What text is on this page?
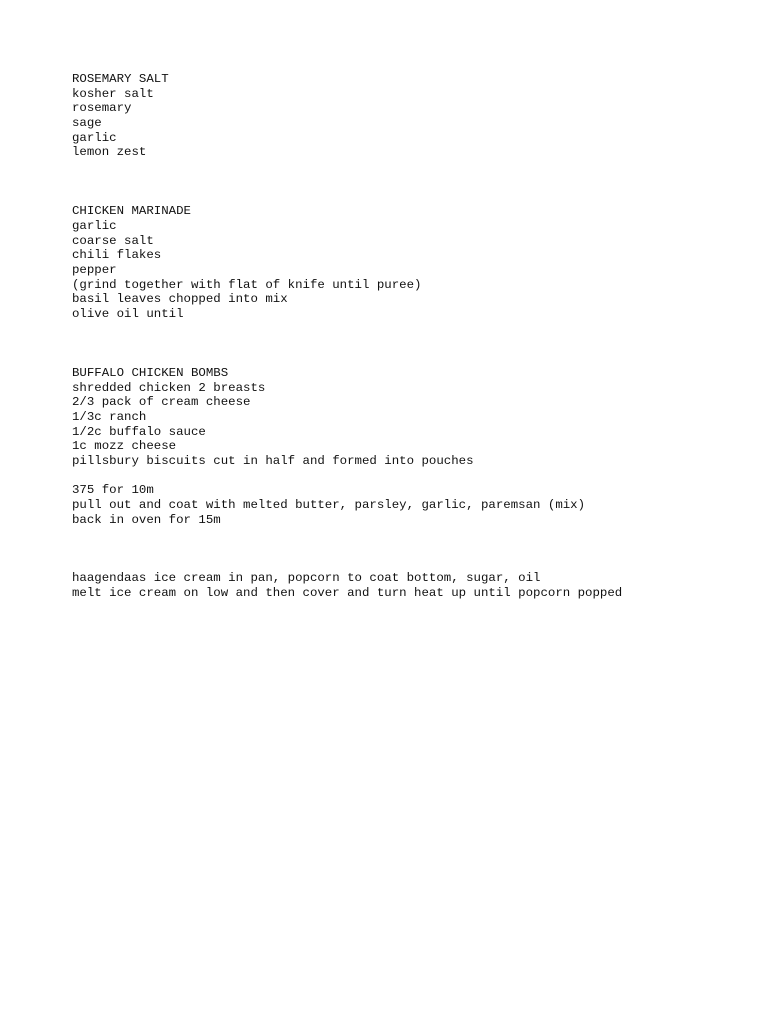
ROSEMARY SALT
kosher salt
rosemary
sage
garlic
lemon zest
CHICKEN MARINADE
garlic
coarse salt
chili flakes
pepper
(grind together with flat of knife until puree)
basil leaves chopped into mix
olive oil until
BUFFALO CHICKEN BOMBS
shredded chicken 2 breasts
2/3 pack of cream cheese
1/3c ranch
1/2c buffalo sauce
1c mozz cheese
pillsbury biscuits cut in half and formed into pouches
375 for 10m
pull out and coat with melted butter, parsley, garlic, paremsan (mix)
back in oven for 15m
haagendaas ice cream in pan, popcorn to coat bottom, sugar, oil
melt ice cream on low and then cover and turn heat up until popcorn popped
